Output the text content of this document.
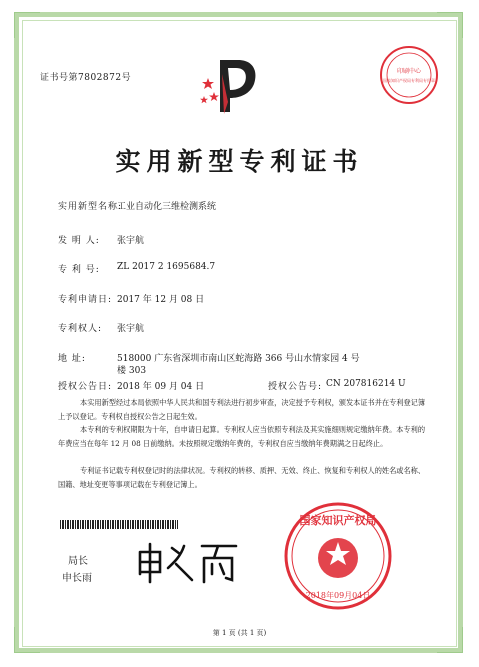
证书号第7802872号
印刷中心
国家知识产权局专利局专用章
实用新型专利证书
实用新型名称:
工业自动化三维检测系统
发 明 人: 张宇航
专 利 号: ZL 2017 2 1695684.7
专利申请日: 2017 年 12 月 08 日
专利权人: 张宇航
地 址:	518000 广东省深圳市南山区蛇海路 366 号山水情家园 4 号
楼 303
授权公告日: 2018 年 09 月 04 日	授权公告号: CN 207816214 U
本实用新型经过本局依照中华人民共和国专利法进行初步审查，决定授予专利权，颁发本证书并在专利登记簿上予以登记。专利权自授权公告之日起生效。
本专利的专利权期限为十年，自申请日起算。专利权人应当依照专利法及其实施细则规定缴纳年费。本专利的年费应当在每年 12 月 08 日前缴纳。未按照规定缴纳年费的，专利权自应当缴纳年费期满之日起终止。
专利证书记载专利权登记时的法律状况。专利权的转移、质押、无效、终止、恢复和专利权人的姓名或名称、国籍、地址变更等事项记载在专利登记簿上。
局长
申长雨
国家知识产权局
2018年09月04日
第 1 页 (共 1 页)
